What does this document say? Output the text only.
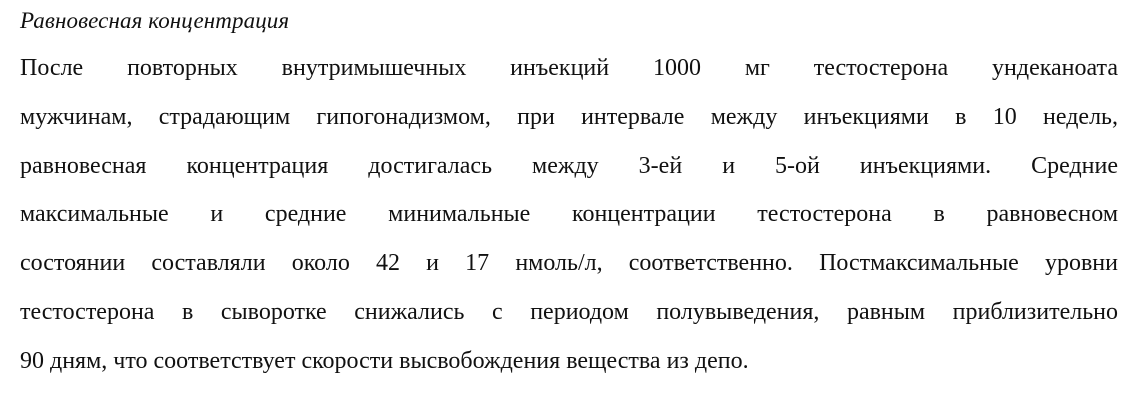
Равновесная концентрация

После повторных внутримышечных инъекций 1000 мг тестостерона ундеканоата
мужчинам, страдающим гипогонадизмом, при интервале между инъекциями в 10 недель,
равновесная концентрация достигалась между 3-ей и 5-ой инъекциями. Средние
максимальные и средние минимальные концентрации тестостерона в равновесном
состоянии составляли около 42 и 17 нмоль/л, соответственно. Постмаксимальные уровни
тестостерона в сыворотке снижались с периодом полувыведения, равным приблизительно
90 дням, что соответствует скорости высвобождения вещества из депо.
